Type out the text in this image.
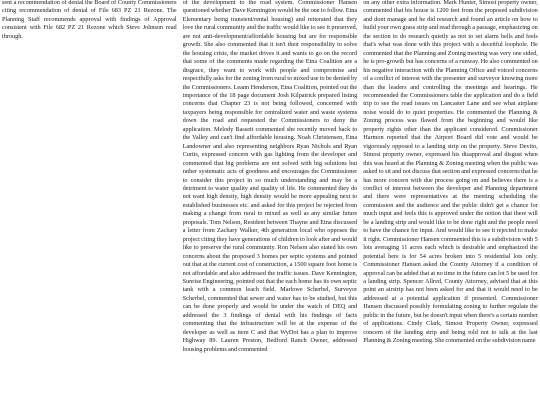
sent a recommendation of denial the Board of County Commissioners citing recommendation of denial of File 683 PZ 21 Rezone. The Planning Staff recommends approval with findings of Approval consistent with File 682 PZ 21 Rezone which Steve Johnson read through.

of the development to the road system. Commissioner Hansen questioned whether Dave Kennington would be the one to follow. Etna Elementary being transient/rental housing) and reiterated that they love the rural community and the traffic would like to see it preserved, are not anti-development/affordable housing but are for responsible growth. She also commented that it isn't their responsibility to solve the housing crisis, the market drives it and wants to go on the record that some of the comments made regarding the Etna Coalition are a disgrace, they want to work with people and compromise and respectfully asks for the zoning from rural to mixed use to be denied by the Commissioners. Leann Henderson, Etna Coalition, pointed out the importance of the 18 page document Josh Kilpatrick prepared listing concerns that Chapter 23 is not being followed, concerned with taxpayers being responsible for centralized water and waste systems down the road and requested the Commissioners to deny the application. Melody Bassett commented she recently moved back to the Valley and can't find affordable housing. Noah Christensen, Etna Landowner and also representing neighbors Ryan Nichols and Ryan Curtis, expressed concern with gas lighting from the developer and commented that big problems are not solved with big solutions but rather systematic acts of goodness and encourages the Commissioner to consider this project in so much understanding and may be a detriment to water quality and quality of life. He commented they do not want high density, high density would be more appealing next to established businesses etc. and asked for this project be rejected from making a change from rural to mixed as well as any similar future proposals. Tom Nelson, Resident between Thayne and Etna discussed a letter from Zachary Walker, 4th generation local who opposes the project citing they have generations of children to look after and would like to preserve the rural community. Ron Nelson also stated his own concerns about the proposed 3 homes per septic systems and pointed out that at the current cost of construction, a 1500 square foot home is not affordable and also addressed the traffic issues. Dave Kennington, Sunrise Engineering, pointed out that the each home has its own septic tank with a common leach field. Marlowe Scherbel, Surveyor Scherbel, commented that sewer and water has to be studied, but this can be done properly and would be under the watch of DEQ and addressed the 3 findings of denial with his findings of facts commenting that the infrastructure will be at the expense of the developer as well as item C and that WyDot has a plan to improve Highway 89. Lauren Preston, Bedford Ranch Owner, addressed housing problems and commented

on any other extra information. Mark Hunter, Simost property owner, commented that his house is 1200 feet from the proposed subdivision and dont manage and he did research and found an article on how to build your own grass strip and read through a passage, emphasizing on the section to do research quietly as not to set alarm bells and feels that's what was done with this project with a deceitful loophole. He commented that the Planning and Zoning meeting was very one sided, he is pro-growth but has concerns of a runway. He also commented on his negative interaction with the Planning Office and voiced concerns of a conflict of interest with the presenter and surveyor knowing more than the leaders and controlling the meetings and hearings. He recommended the Commissioners table the application and do a field trip to see the road issues on Lancaster Lane and see what airplane noise would do to quiet properties. He commented the Planning & Zoning process was flawed from the beginning and would like property rights other than the applicant considered. Commissioner Harmon reported that the Airport Board did vote and would be vigorously opposed to a landing strip on the property. Steve Devito, Simost property owner, expressed his disapproval and disgust when this was heard at the Planning & Zoning meeting when the public was asked to sit and not discuss that section and expressed concerns that he has more concern with due process going on and believes there is a conflict of interest between the developer and Planning department and there were representatives at the meeting scheduling the commission and the audience and the public didn't get a chance for much input and feels this is approved under the notion that there will be a landing strip and would like to be done right and the people need to have the chance for input. And would like to see it rejected to make it right. Commissioner Hansen commented this is a subdivision with 5 lots averaging 11 acres each which is desirable and emphasized the potential here is for 54 acres broken into 5 residential lots only. Commissioner Hansen asked the County Attorney if a condition of approval can be added that at no time in the future can lot 5 be used for a landing strip. Spencer Allred, County Attorney, advised that at this point an airstrip has not been asked for and that it would need to be addressed at a potential application if presented. Commissioner Hansen discussed possibly formulating zoning to further regulate the public in the future, but he doesn't input when there's a certain number of applications. Cindy Clark, Simost Property Owner, expressed concern of the landing strip and being told not to talk at the last Planning & Zoning meeting. She commented on the subdivision name
